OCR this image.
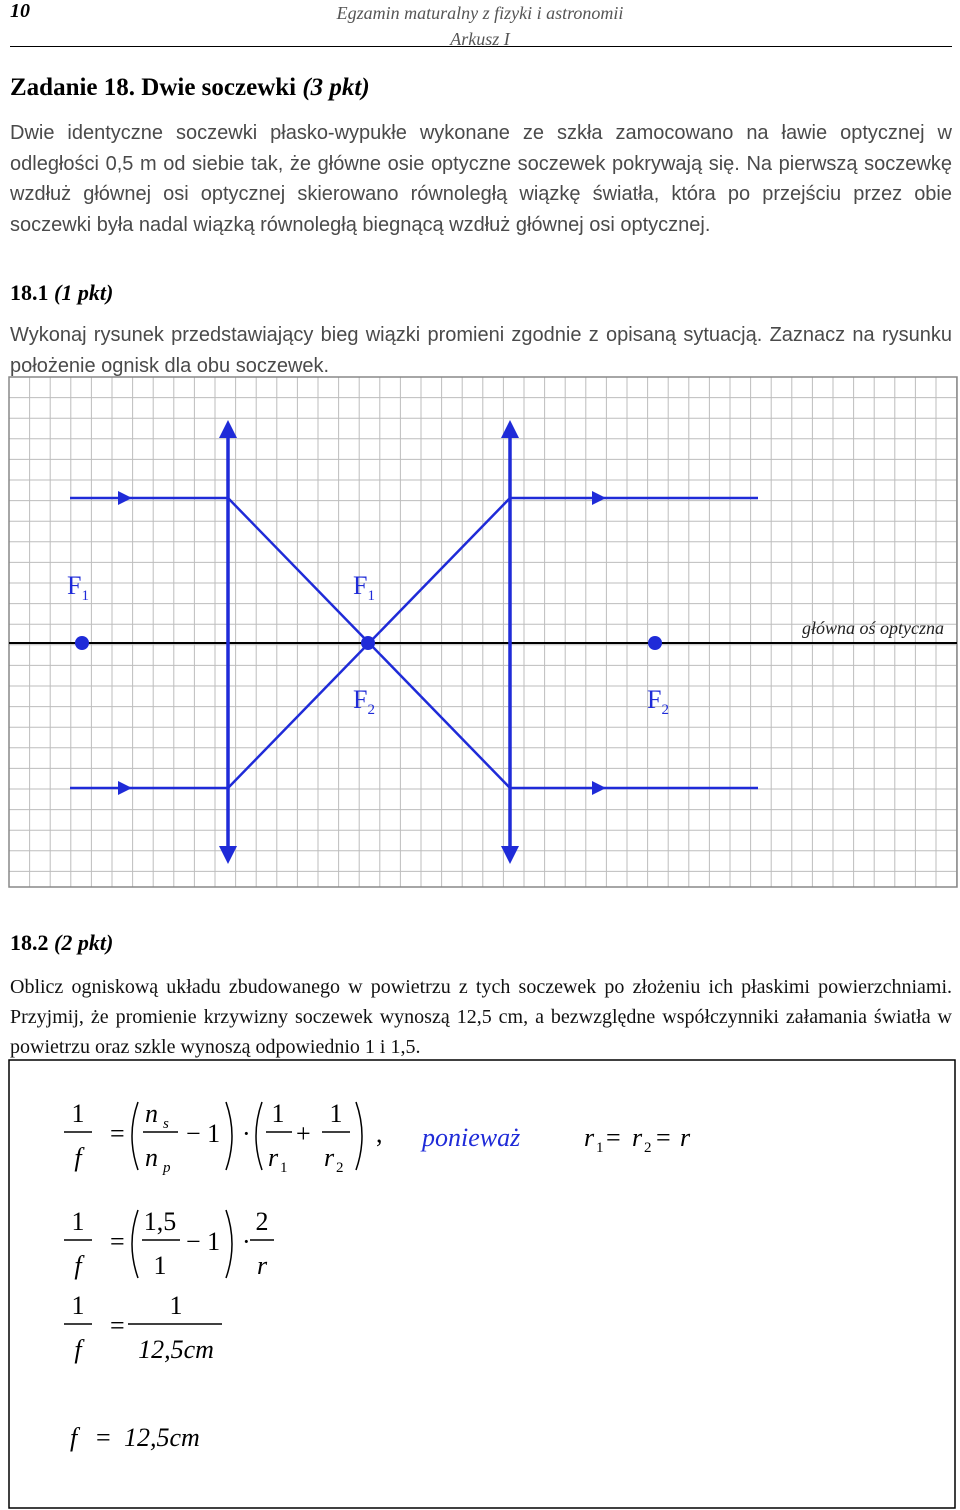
10	Egzamin maturalny z fizyki i astronomii
Arkusz I
Zadanie 18. Dwie soczewki (3 pkt)
Dwie identyczne soczewki płasko-wypukłe wykonane ze szkła zamocowano na ławie optycznej w odległości 0,5 m od siebie tak, że główne osie optyczne soczewek pokrywają się. Na pierwszą soczewkę wzdłuż głównej osi optycznej skierowano równoległą wiązkę światła, która po przejściu przez obie soczewki była nadal wiązką równoległą biegnącą wzdłuż głównej osi optycznej.
18.1 (1 pkt)
Wykonaj rysunek przedstawiający bieg wiązki promieni zgodnie z opisaną sytuacją. Zaznacz na rysunku położenie ognisk dla obu soczewek.
$F_1$	$F_1$
$F_2$	$F_2$
główna oś optyczna
18.2 (2 pkt)
Oblicz ogniskową układu zbudowanego w powietrzu z tych soczewek po złożeniu ich płaskimi powierzchniami. Przyjmij, że promienie krzywizny soczewek wynoszą 12,5 cm, a bezwzględne współczynniki załamania światła w powietrzu oraz szkle wynoszą odpowiednio 1 i 1,5.
1
f
=
n s
n p
− 1 ·
1
r 1
+
1
r 2
, ponieważ r 1 = r 2 = r
1
f
=
1,5
1
− 1 ·
2
r
1
f
=
1
12,5cm
f = 12,5cm
